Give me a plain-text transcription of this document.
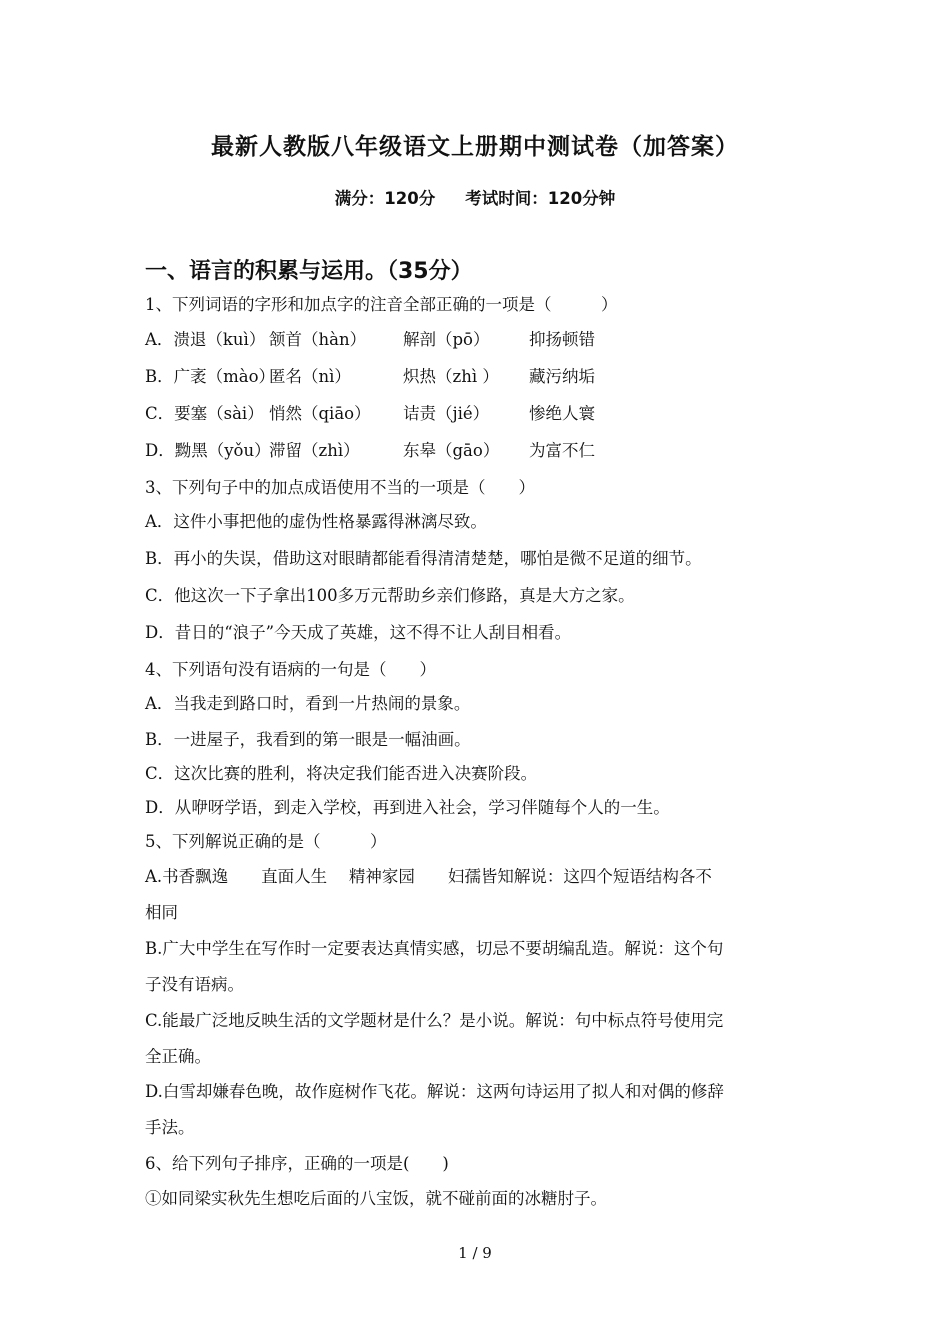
最新人教版八年级语文上册期中测试卷（加答案）
满分：120分 考试时间：120分钟
一、语言的积累与运用。（35分）
1、下列词语的字形和加点字的注音全部正确的一项是（　　　）
A．溃退（kuì） 颔首（hàn） 解剖（pō） 抑扬顿错
B．广袤（mào）匿名（nì）	炽热（zhì ） 藏污纳垢
C．要塞（sài） 悄然（qiāo） 诘责（jié） 惨绝人寰
D．黝黑（yǒu）滞留（zhì）	东皋（gāo） 为富不仁
3、下列句子中的加点成语使用不当的一项是（　　）
A．这件小事把他的虚伪性格暴露得淋漓尽致。
B．再小的失误，借助这对眼睛都能看得清清楚楚，哪怕是微不足道的细节。
C．他这次一下子拿出100多万元帮助乡亲们修路，真是大方之家。
D．昔日的“浪子”今天成了英雄，这不得不让人刮目相看。
4、下列语句没有语病的一句是（　　）
A．当我走到路口时，看到一片热闹的景象。
B．一进屋子，我看到的第一眼是一幅油画。
C．这次比赛的胜利，将决定我们能否进入决赛阶段。
D．从咿呀学语，到走入学校，再到进入社会，学习伴随每个人的一生。
5、下列解说正确的是（　　　）
A.书香飘逸　　直面人生　 精神家园　　妇孺皆知解说：这四个短语结构各不
相同
B.广大中学生在写作时一定要表达真情实感，切忌不要胡编乱造。解说：这个句
子没有语病。
C.能最广泛地反映生活的文学题材是什么？是小说。解说：句中标点符号使用完
全正确。
D.白雪却嫌春色晚，故作庭树作飞花。解说：这两句诗运用了拟人和对偶的修辞
手法。
6、给下列句子排序，正确的一项是(　　)
①如同梁实秋先生想吃后面的八宝饭，就不碰前面的冰糖肘子。
1 / 9
